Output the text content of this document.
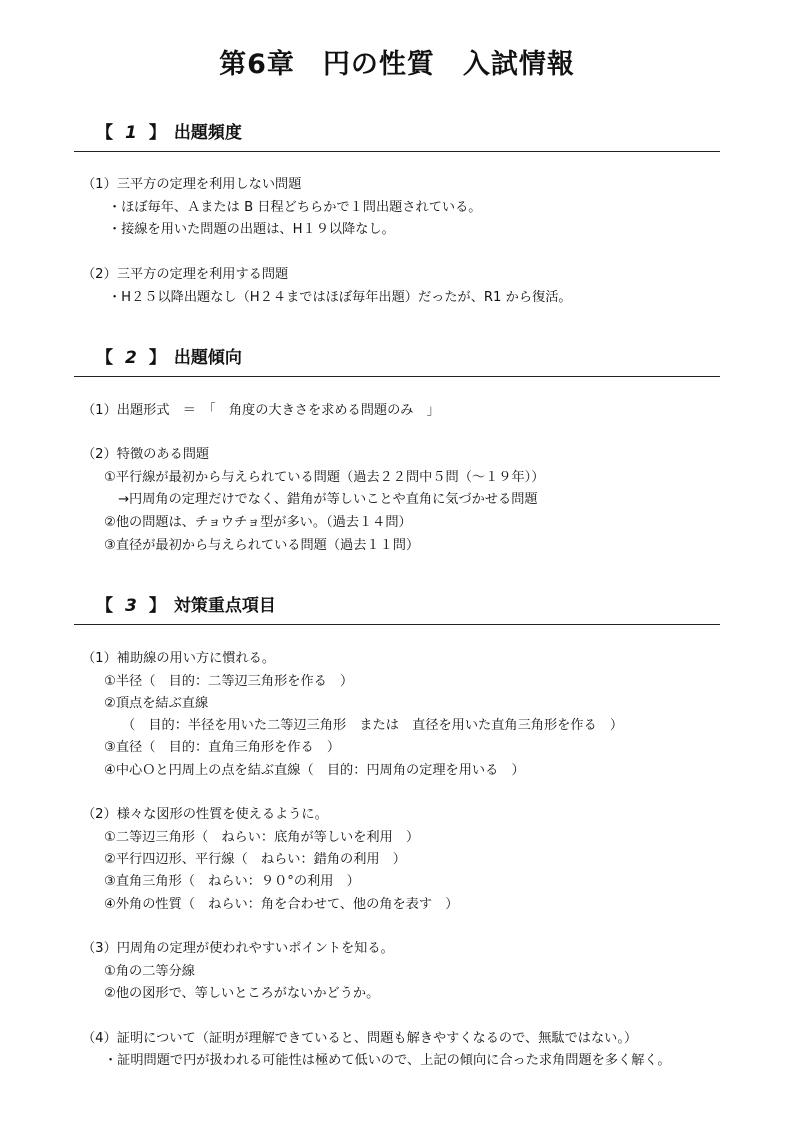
第6章　円の性質　入試情報
【 1 】 出題頻度
（1）三平方の定理を利用しない問題
・ほぼ毎年、Ａまたは B 日程どちらかで１問出題されている。
・接線を用いた問題の出題は、H１９以降なし。
（2）三平方の定理を利用する問題
・H２５以降出題なし（H２４まではほぼ毎年出題）だったが、R1 から復活。
【 2 】 出題傾向
（1）出題形式　＝　「　角度の大きさを求める問題のみ　」
（2）特徴のある問題
①平行線が最初から与えられている問題（過去２２問中５問（～１９年））
→円周角の定理だけでなく、錯角が等しいことや直角に気づかせる問題
②他の問題は、チョウチョ型が多い。（過去１４問）
③直径が最初から与えられている問題（過去１１問）
【 3 】 対策重点項目
（1）補助線の用い方に慣れる。
①半径（　目的：二等辺三角形を作る　）
②頂点を結ぶ直線
（　目的：半径を用いた二等辺三角形　または　直径を用いた直角三角形を作る　）
③直径（　目的：直角三角形を作る　）
④中心Ｏと円周上の点を結ぶ直線（　目的：円周角の定理を用いる　）
（2）様々な図形の性質を使えるように。
①二等辺三角形（　ねらい：底角が等しいを利用　）
②平行四辺形、平行線（　ねらい：錯角の利用　）
③直角三角形（　ねらい：９０°の利用　）
④外角の性質（　ねらい：角を合わせて、他の角を表す　）
（3）円周角の定理が使われやすいポイントを知る。
①角の二等分線
②他の図形で、等しいところがないかどうか。
（4）証明について（証明が理解できていると、問題も解きやすくなるので、無駄ではない。）
・証明問題で円が扱われる可能性は極めて低いので、上記の傾向に合った求角問題を多く解く。
